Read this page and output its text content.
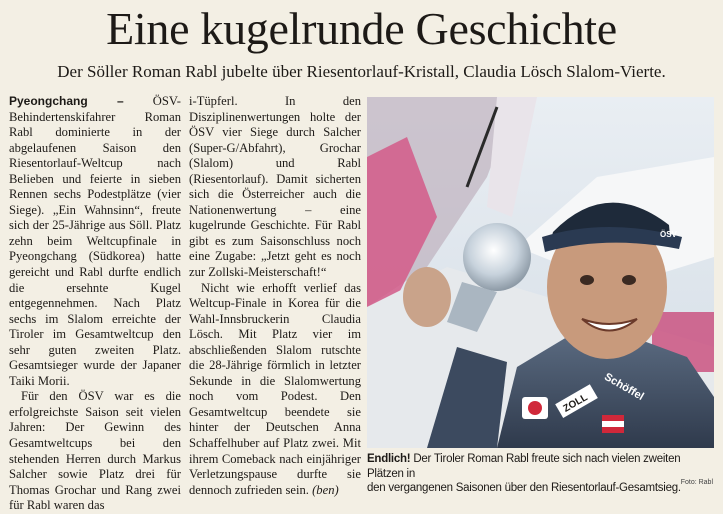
Eine kugelrunde Geschichte
Der Söller Roman Rabl jubelte über Riesentorlauf-Kristall, Claudia Lösch Slalom-Vierte.

Pyeongchang – ÖSV-Behindertenskifahrer Roman Rabl dominierte in der abgelaufenen Saison den Riesentorlauf-Weltcup nach Belieben und feierte in sieben Rennen sechs Podestplätze (vier Siege). „Ein Wahnsinn“, freute sich der 25-Jährige aus Söll. Platz zehn beim Weltcupfinale in Pyeongchang (Südkorea) hatte gereicht und Rabl durfte endlich die ersehnte Kugel entgegennehmen. Nach Platz sechs im Slalom erreichte der Tiroler im Gesamtweltcup den sehr guten zweiten Platz. Gesamtsieger wurde der Japaner Taiki Morii.

Für den ÖSV war es die erfolgreichste Saison seit vielen Jahren: Der Gewinn des Gesamtweltcups bei den stehenden Herren durch Markus Salcher sowie Platz drei für Thomas Grochar und Rang zwei für Rabl waren das

i-Tüpferl. In den Disziplinenwertungen holte der ÖSV vier Siege durch Salcher (Super-G/Abfahrt), Grochar (Slalom) und Rabl (Riesentorlauf). Damit sicherten sich die Österreicher auch die Nationenwertung – eine kugelrunde Geschichte. Für Rabl gibt es zum Saisonschluss noch eine Zugabe: „Jetzt geht es noch zur Zollski-Meisterschaft!“

Nicht wie erhofft verlief das Weltcup-Finale in Korea für die Wahl-Innsbruckerin Claudia Lösch. Mit Platz vier im abschließenden Slalom rutschte die 28-Jährige förmlich in letzter Sekunde in die Slalomwertung noch vom Podest. Den Gesamtweltcup beendete sie hinter der Deutschen Anna Schaffelhuber auf Platz zwei. Mit ihrem Comeback nach einjähriger Verletzungspause durfte sie dennoch zufrieden sein. (ben)

ÖSV
ZOLL
Schöffel
Endlich! Der Tiroler Roman Rabl freute sich nach vielen zweiten Plätzen in
den vergangenen Saisonen über den Riesentorlauf-Gesamtsieg. Foto: Rabl
